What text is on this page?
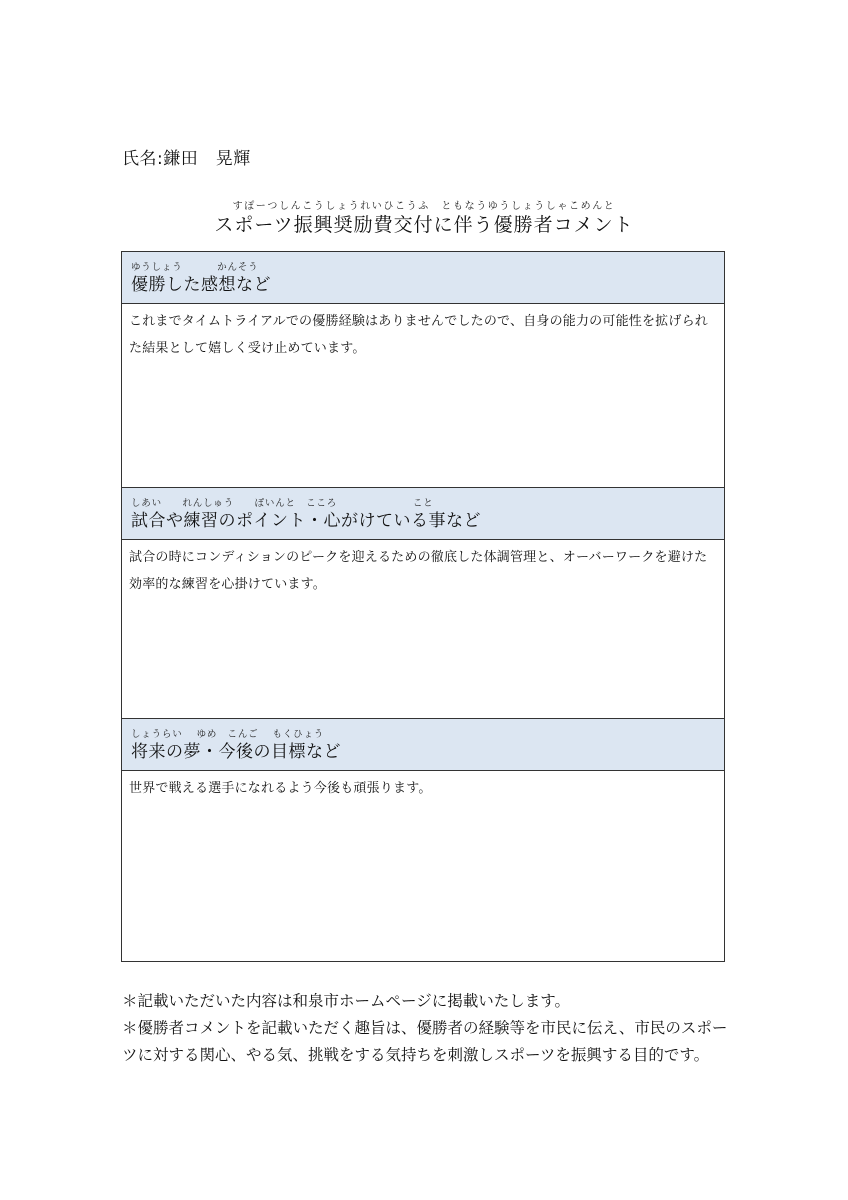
氏名:鎌田　晃輝
すぽーつしんこうしょうれいひこうふ　ともなうゆうしょうしゃこめんと
スポーツ振興奨励費交付に伴う優勝者コメント
ゆうしょう　　　 かんそう
優勝した感想など
これまでタイムトライアルでの優勝経験はありませんでしたので、自身の能力の可能性を拡げられた結果として嬉しく受け止めています。
しあい　　れんしゅう　　ぽいんと　こころ　　　　　　　 こと
試合や練習のポイント・心がけている事など
試合の時にコンディションのピークを迎えるための徹底した体調管理と、オーバーワークを避けた効率的な練習を心掛けています。
しょうらい　 ゆめ　こんご　 もくひょう
将来の夢・今後の目標など
世界で戦える選手になれるよう今後も頑張ります。

＊記載いただいた内容は和泉市ホームページに掲載いたします。

＊優勝者コメントを記載いただく趣旨は、優勝者の経験等を市民に伝え、市民のスポーツに対する関心、やる気、挑戦をする気持ちを刺激しスポーツを振興する目的です。
